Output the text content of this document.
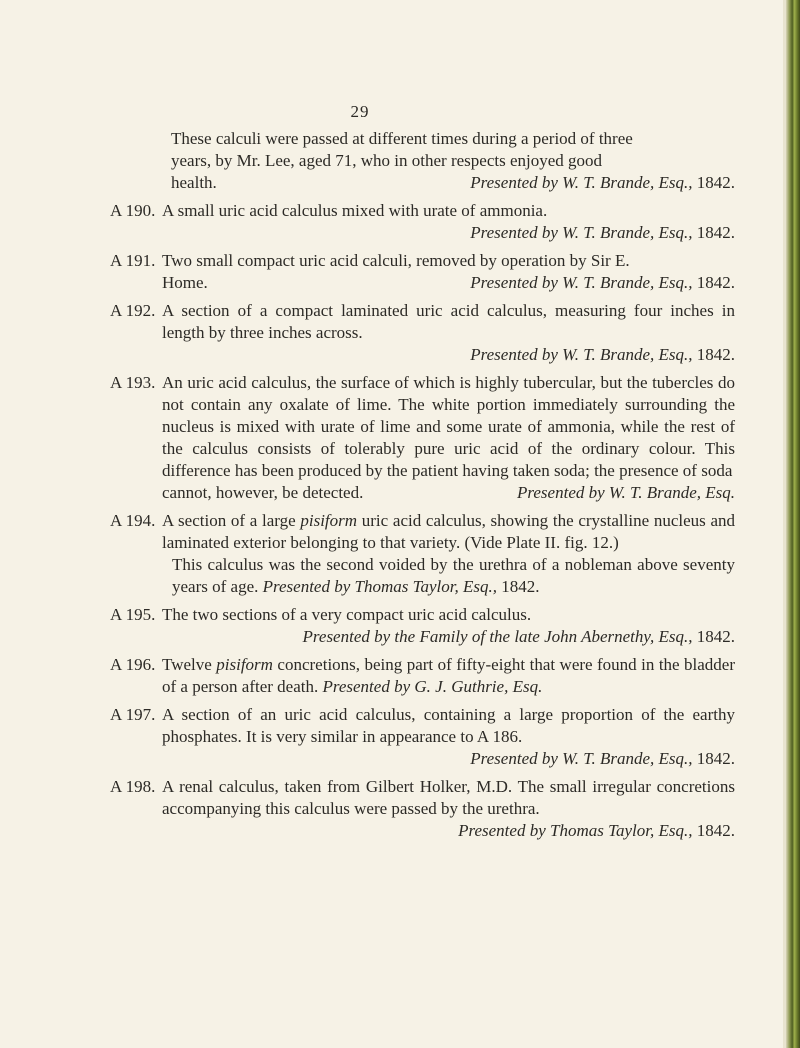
29
These calculi were passed at different times during a period of three
years, by Mr. Lee, aged 71, who in other respects enjoyed good
health.	Presented by W. T. Brande, Esq., 1842.
A 190. A small uric acid calculus mixed with urate of ammonia.
Presented by W. T. Brande, Esq., 1842.
A 191. Two small compact uric acid calculi, removed by operation by Sir E.
Home.	Presented by W. T. Brande, Esq., 1842.
A 192. A section of a compact laminated uric acid calculus, measuring four inches in length by three inches across.
Presented by W. T. Brande, Esq., 1842.
A 193. An uric acid calculus, the surface of which is highly tubercular, but the tubercles do not contain any oxalate of lime. The white portion immediately surrounding the nucleus is mixed with urate of lime and some urate of ammonia, while the rest of the calculus consists of tolerably pure uric acid of the ordinary colour. This difference has been produced by the patient having taken soda; the presence of soda
cannot, however, be detected.	Presented by W. T. Brande, Esq.
A 194. A section of a large pisiform uric acid calculus, showing the crystalline nucleus and laminated exterior belonging to that variety. (Vide Plate II. fig. 12.)
This calculus was the second voided by the urethra of a nobleman above seventy years of age. Presented by Thomas Taylor, Esq., 1842.
A 195. The two sections of a very compact uric acid calculus.
Presented by the Family of the late John Abernethy, Esq., 1842.
A 196. Twelve pisiform concretions, being part of fifty-eight that were found in the bladder of a person after death. Presented by G. J. Guthrie, Esq.
A 197. A section of an uric acid calculus, containing a large proportion of the earthy phosphates. It is very similar in appearance to A 186.
Presented by W. T. Brande, Esq., 1842.
A 198. A renal calculus, taken from Gilbert Holker, M.D. The small irregular concretions accompanying this calculus were passed by the urethra.
Presented by Thomas Taylor, Esq., 1842.
